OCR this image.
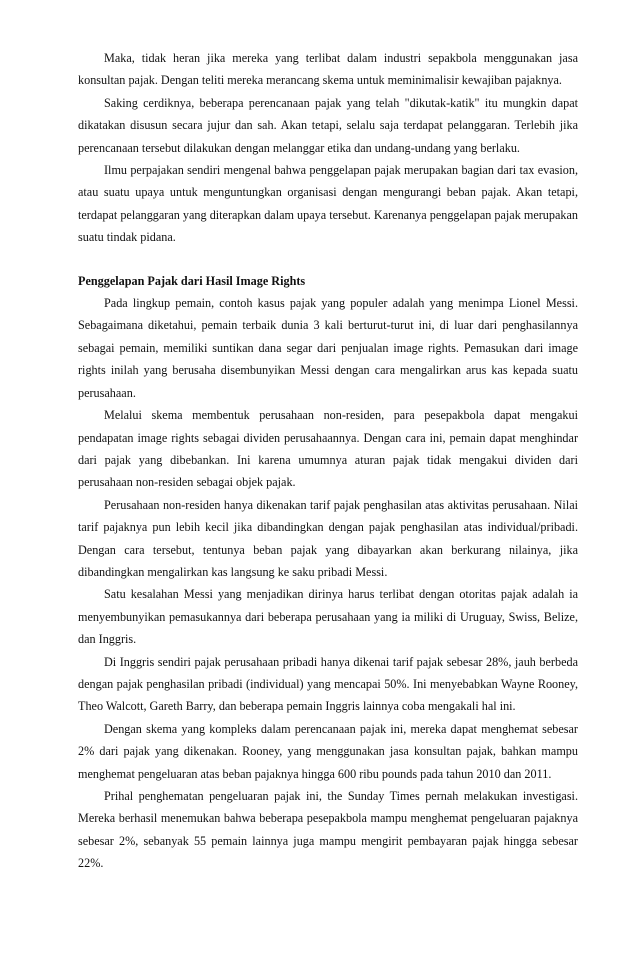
Maka, tidak heran jika mereka yang terlibat dalam industri sepakbola menggunakan jasa konsultan pajak. Dengan teliti mereka merancang skema untuk meminimalisir kewajiban pajaknya.

Saking cerdiknya, beberapa perencanaan pajak yang telah "dikutak-katik" itu mungkin dapat dikatakan disusun secara jujur dan sah. Akan tetapi, selalu saja terdapat pelanggaran. Terlebih jika perencanaan tersebut dilakukan dengan melanggar etika dan undang-undang yang berlaku.

Ilmu perpajakan sendiri mengenal bahwa penggelapan pajak merupakan bagian dari tax evasion, atau suatu upaya untuk menguntungkan organisasi dengan mengurangi beban pajak. Akan tetapi, terdapat pelanggaran yang diterapkan dalam upaya tersebut. Karenanya penggelapan pajak merupakan suatu tindak pidana.

Penggelapan Pajak dari Hasil Image Rights

Pada lingkup pemain, contoh kasus pajak yang populer adalah yang menimpa Lionel Messi. Sebagaimana diketahui, pemain terbaik dunia 3 kali berturut-turut ini, di luar dari penghasilannya sebagai pemain, memiliki suntikan dana segar dari penjualan image rights. Pemasukan dari image rights inilah yang berusaha disembunyikan Messi dengan cara mengalirkan arus kas kepada suatu perusahaan.

Melalui skema membentuk perusahaan non-residen, para pesepakbola dapat mengakui pendapatan image rights sebagai dividen perusahaannya. Dengan cara ini, pemain dapat menghindar dari pajak yang dibebankan. Ini karena umumnya aturan pajak tidak mengakui dividen dari perusahaan non-residen sebagai objek pajak.

Perusahaan non-residen hanya dikenakan tarif pajak penghasilan atas aktivitas perusahaan. Nilai tarif pajaknya pun lebih kecil jika dibandingkan dengan pajak penghasilan atas individual/pribadi. Dengan cara tersebut, tentunya beban pajak yang dibayarkan akan berkurang nilainya, jika dibandingkan mengalirkan kas langsung ke saku pribadi Messi.

Satu kesalahan Messi yang menjadikan dirinya harus terlibat dengan otoritas pajak adalah ia menyembunyikan pemasukannya dari beberapa perusahaan yang ia miliki di Uruguay, Swiss, Belize, dan Inggris.

Di Inggris sendiri pajak perusahaan pribadi hanya dikenai tarif pajak sebesar 28%, jauh berbeda dengan pajak penghasilan pribadi (individual) yang mencapai 50%. Ini menyebabkan Wayne Rooney, Theo Walcott, Gareth Barry, dan beberapa pemain Inggris lainnya coba mengakali hal ini.

Dengan skema yang kompleks dalam perencanaan pajak ini, mereka dapat menghemat sebesar 2% dari pajak yang dikenakan. Rooney, yang menggunakan jasa konsultan pajak, bahkan mampu menghemat pengeluaran atas beban pajaknya hingga 600 ribu pounds pada tahun 2010 dan 2011.

Prihal penghematan pengeluaran pajak ini, the Sunday Times pernah melakukan investigasi. Mereka berhasil menemukan bahwa beberapa pesepakbola mampu menghemat pengeluaran pajaknya sebesar 2%, sebanyak 55 pemain lainnya juga mampu mengirit pembayaran pajak hingga sebesar 22%.
